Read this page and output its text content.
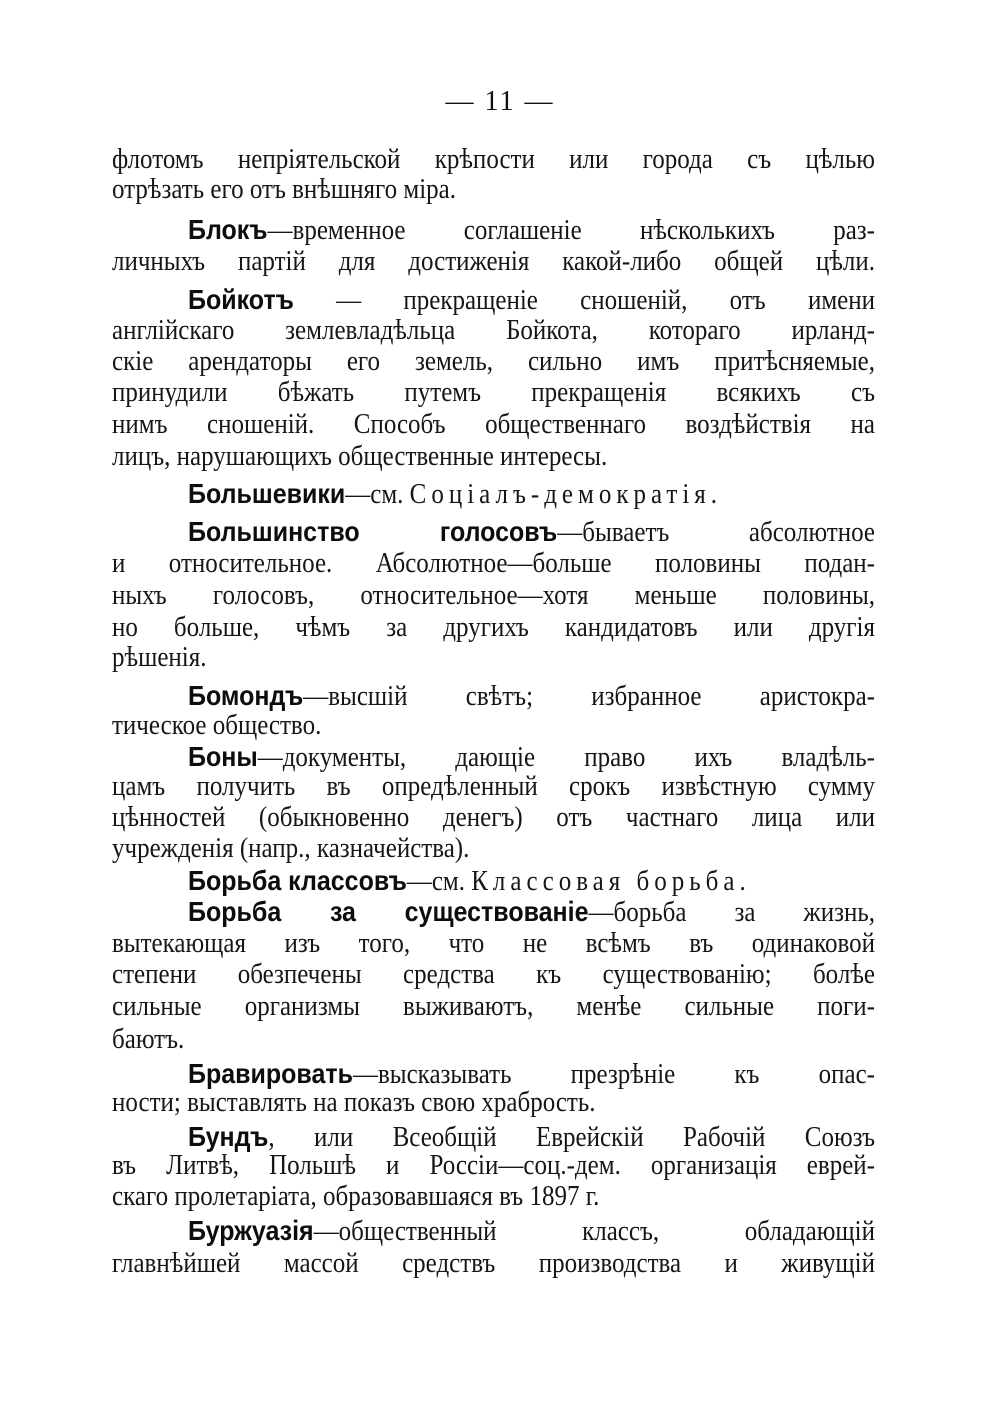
— 11 —
флотомъ непріятельской крѣпости или города съ цѣлью
отрѣзать его отъ внѣшняго міра.
Блокъ—временное соглашеніе нѣсколькихъ раз-
личныхъ партій для достиженія какой-либо общей цѣли.
Бойкотъ — прекращеніе сношеній, отъ имени
англійскаго землевладѣльца Бойкота, котораго ирланд-
скіе арендаторы его земель, сильно имъ притѣсняемые,
принудили бѣжать путемъ прекращенія всякихъ съ
нимъ сношеній. Способъ общественнаго воздѣйствія на
лицъ, нарушающихъ общественные интересы.
Большевики—см. Соціалъ-демократія.
Большинство голосовъ—бываетъ абсолютное
и относительное. Абсолютное—больше половины подан-
ныхъ голосовъ, относительное—хотя меньше половины,
но больше, чѣмъ за другихъ кандидатовъ или другія
рѣшенія.
Бомондъ—высшій свѣтъ; избранное аристокра-
тическое общество.
Боны—документы, дающіе право ихъ владѣль-
цамъ получить въ опредѣленный срокъ извѣстную сумму
цѣнностей (обыкновенно денегъ) отъ частнаго лица или
учрежденія (напр., казначейства).
Борьба классовъ—см. Классовая борьба.
Борьба за существованіе—борьба за жизнь,
вытекающая изъ того, что не всѣмъ въ одинаковой
степени обезпечены средства къ существованію; болѣе
сильные организмы выживаютъ, менѣе сильные поги-
баютъ.
Бравировать—высказывать презрѣніе къ опас-
ности; выставлять на показъ свою храбрость.
Бундъ, или Всеобщій Еврейскій Рабочій Союзъ
въ Литвѣ, Польшѣ и Россіи—соц.-дем. организація еврей-
скаго пролетаріата, образовавшаяся въ 1897 г.
Буржуазія—общественный классъ, обладающій
главнѣйшей массой средствъ производства и живущій
